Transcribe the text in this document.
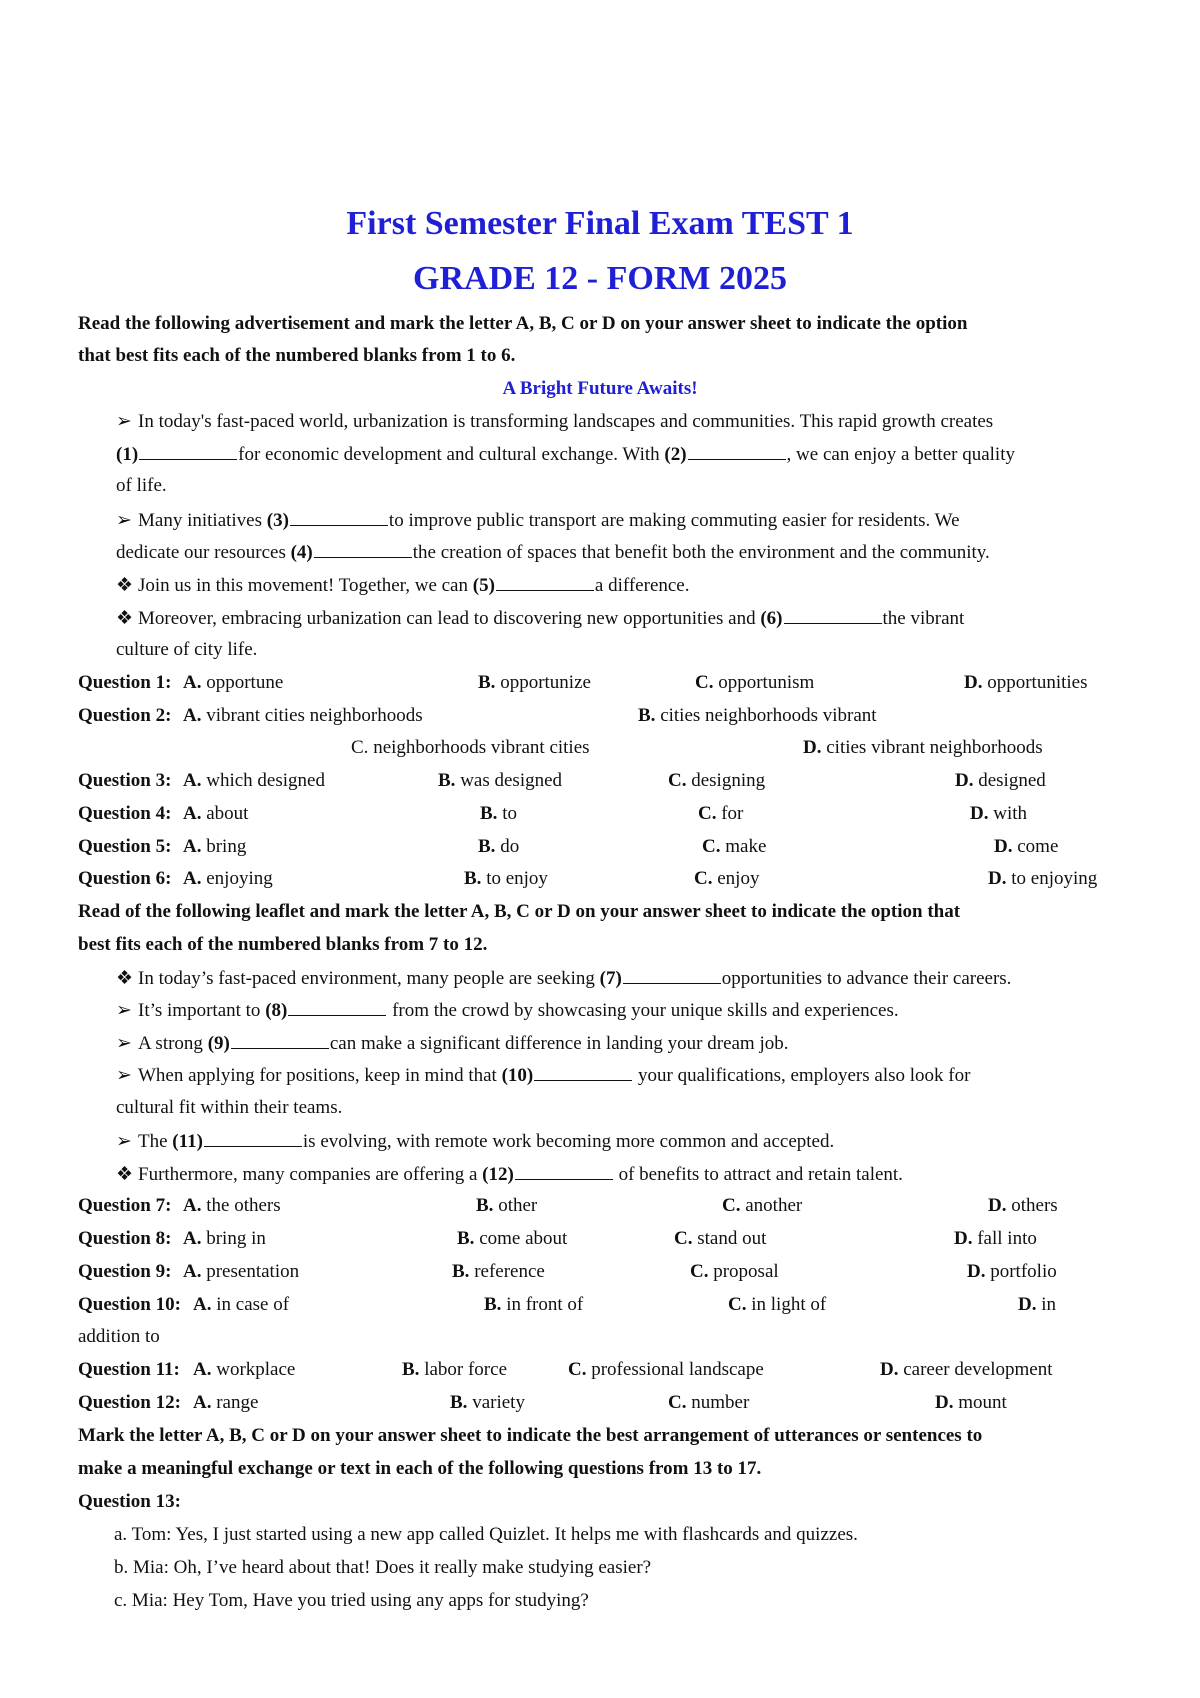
First Semester Final Exam TEST 1
GRADE 12 - FORM 2025
Read the following advertisement and mark the letter A, B, C or D on your answer sheet to indicate the option
that best fits each of the numbered blanks from 1 to 6.
A Bright Future Awaits!
➢ In today's fast-paced world, urbanization is transforming landscapes and communities. This rapid growth creates
(1)	for economic development and cultural exchange. With (2)	, we can enjoy a better quality
of life.
➢ Many initiatives (3)	to improve public transport are making commuting easier for residents. We
dedicate our resources (4)	the creation of spaces that benefit both the environment and the community.
❖ Join us in this movement! Together, we can (5)	a difference.
❖ Moreover, embracing urbanization can lead to discovering new opportunities and (6)	the vibrant
culture of city life.
Question 1: A. opportune	B. opportunize	C. opportunism	D. opportunities
Question 2: A. vibrant cities neighborhoods	B. cities neighborhoods vibrant
C. neighborhoods vibrant cities	D. cities vibrant neighborhoods
Question 3: A. which designed	B. was designed	C. designing	D. designed
Question 4: A. about	B. to	C. for	D. with
Question 5: A. bring	B. do	C. make	D. come
Question 6: A. enjoying	B. to enjoy	C. enjoy	D. to enjoying
Read of the following leaflet and mark the letter A, B, C or D on your answer sheet to indicate the option that
best fits each of the numbered blanks from 7 to 12.
❖ In today’s fast-paced environment, many people are seeking (7)	opportunities to advance their careers.
➢ It’s important to (8)	from the crowd by showcasing your unique skills and experiences.
➢ A strong (9)	can make a significant difference in landing your dream job.
➢ When applying for positions, keep in mind that (10)	your qualifications, employers also look for
cultural fit within their teams.
➢ The (11)	is evolving, with remote work becoming more common and accepted.
❖ Furthermore, many companies are offering a (12)	of benefits to attract and retain talent.
Question 7: A. the others	B. other	C. another	D. others
Question 8: A. bring in	B. come about	C. stand out	D. fall into
Question 9: A. presentation	B. reference	C. proposal	D. portfolio
Question 10: A. in case of	B. in front of	C. in light of	D. in
addition to
Question 11: A. workplace	B. labor force	C. professional landscape	D. career development
Question 12: A. range	B. variety	C. number	D. mount
Mark the letter A, B, C or D on your answer sheet to indicate the best arrangement of utterances or sentences to
make a meaningful exchange or text in each of the following questions from 13 to 17.
Question 13:
a. Tom: Yes, I just started using a new app called Quizlet. It helps me with flashcards and quizzes.
b. Mia: Oh, I’ve heard about that! Does it really make studying easier?
c. Mia: Hey Tom, Have you tried using any apps for studying?
